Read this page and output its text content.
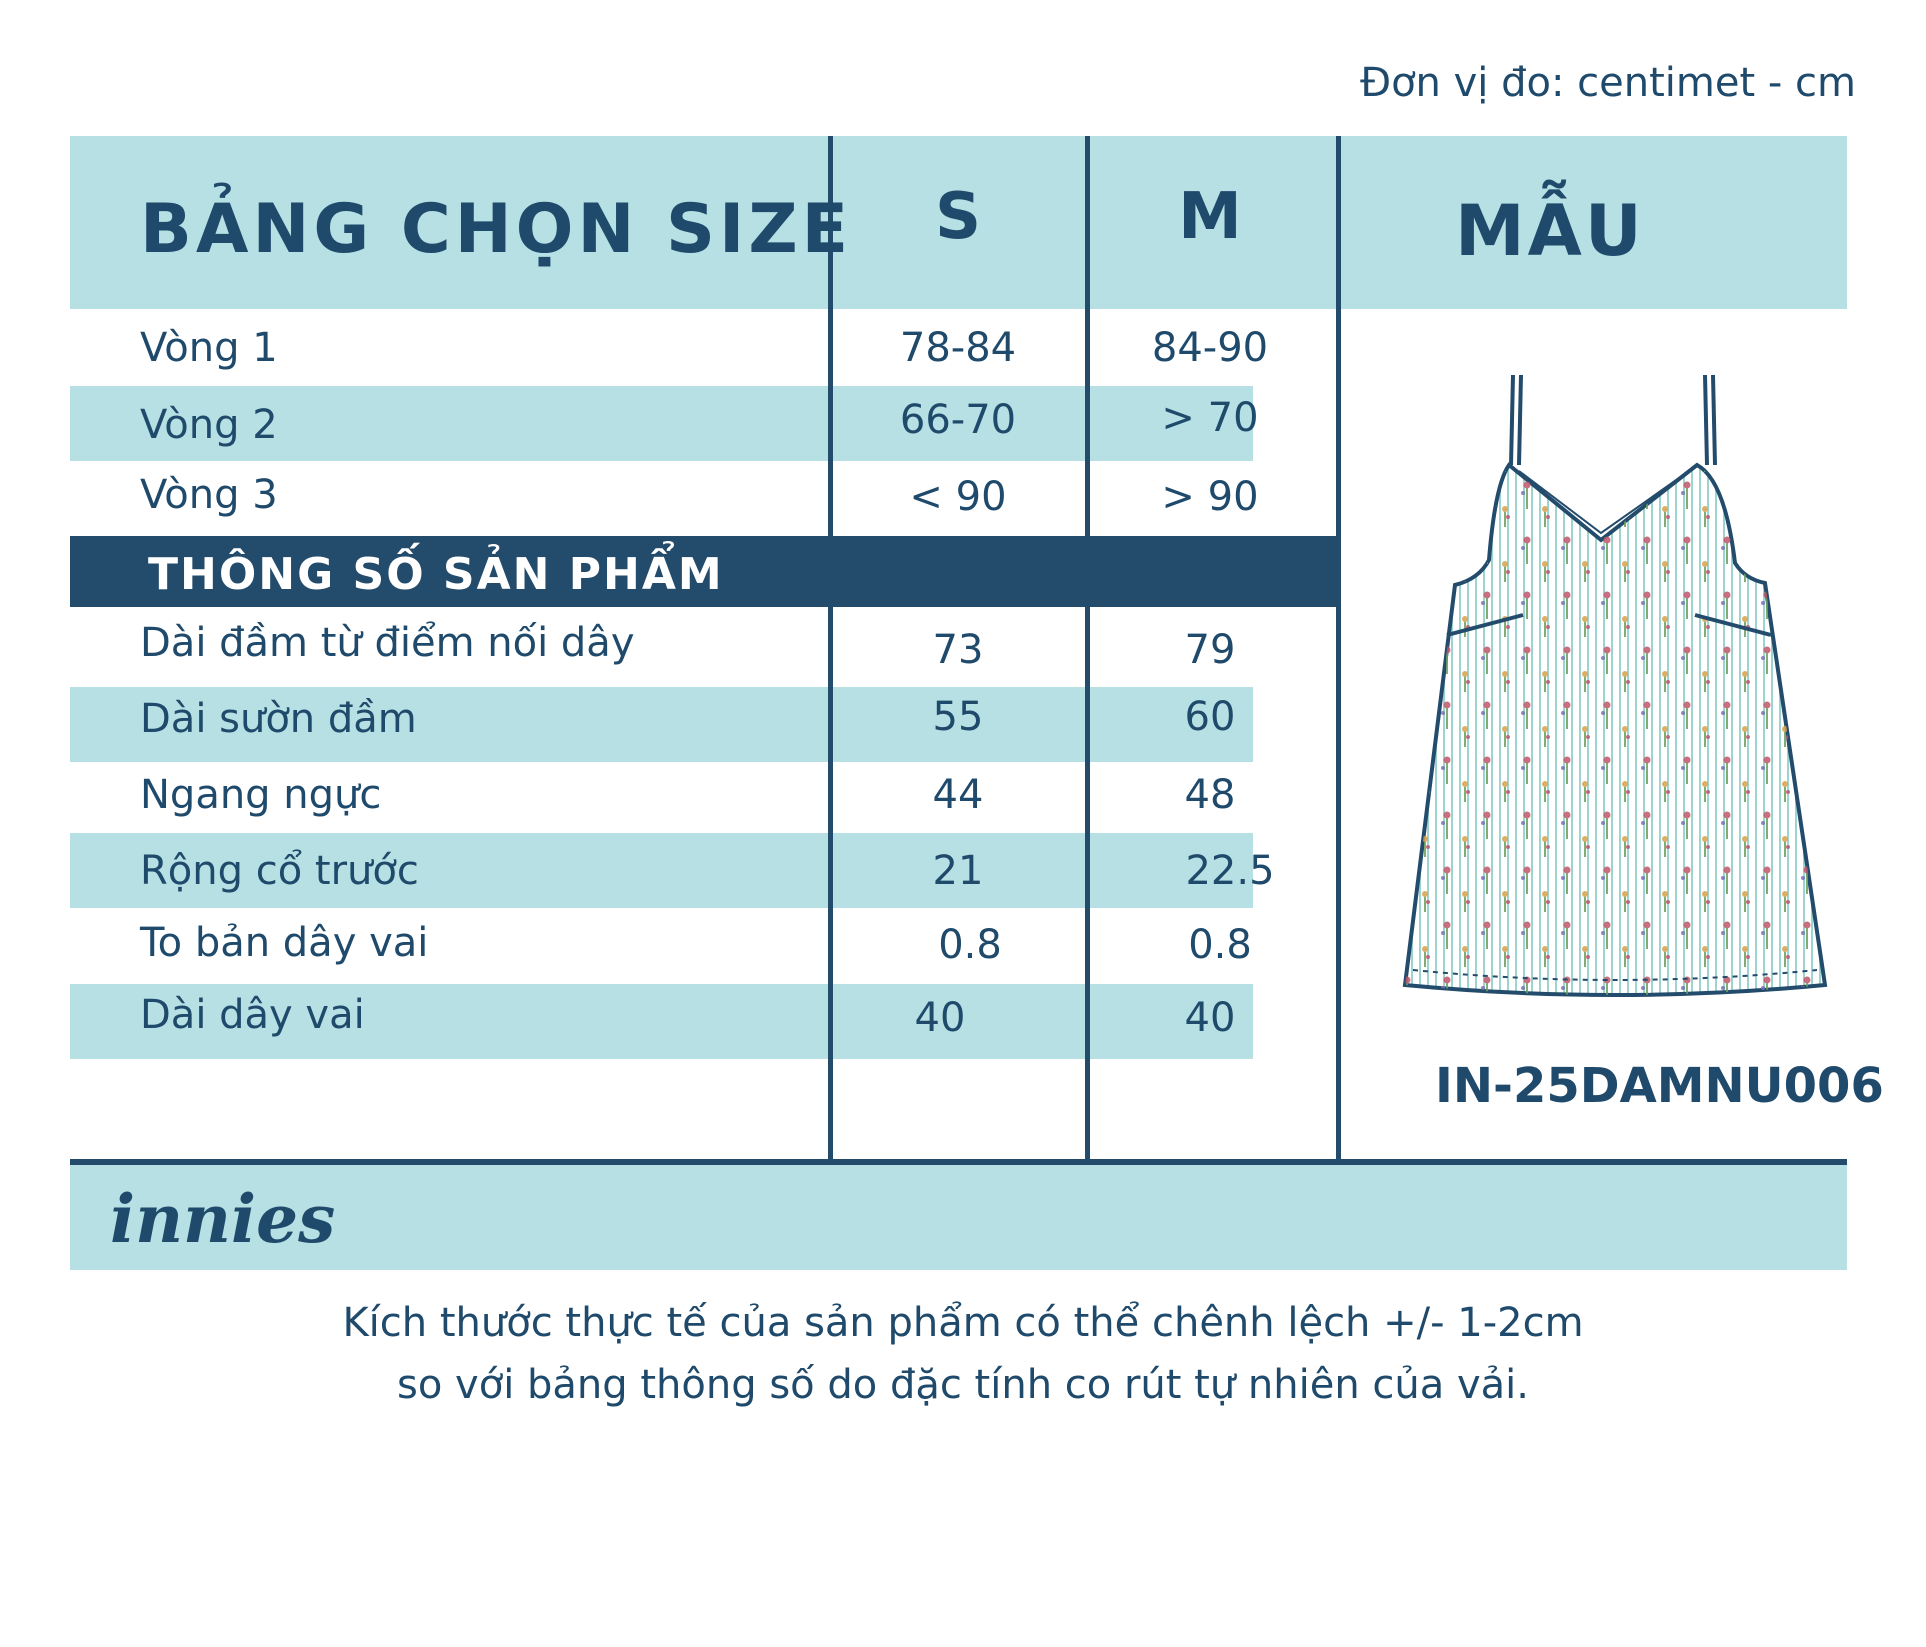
Đơn vị đo: centimet - cm
BẢNG CHỌN SIZE	S	M	MẪU
Vòng 1	78-84	84-90
Vòng 2	66-70	> 70
Vòng 3	< 90	> 90
THÔNG SỐ SẢN PHẨM
Dài đầm từ điểm nối dây	73	79
Dài sườn đầm	55	60
Ngang ngực	44	48
Rộng cổ trước	21	22.5
To bản dây vai	0.8	0.8
Dài dây vai	40	40
IN-25DAMNU006
innies
Kích thước thực tế của sản phẩm có thể chênh lệch +/- 1-2cm
so với bảng thông số do đặc tính co rút tự nhiên của vải.
